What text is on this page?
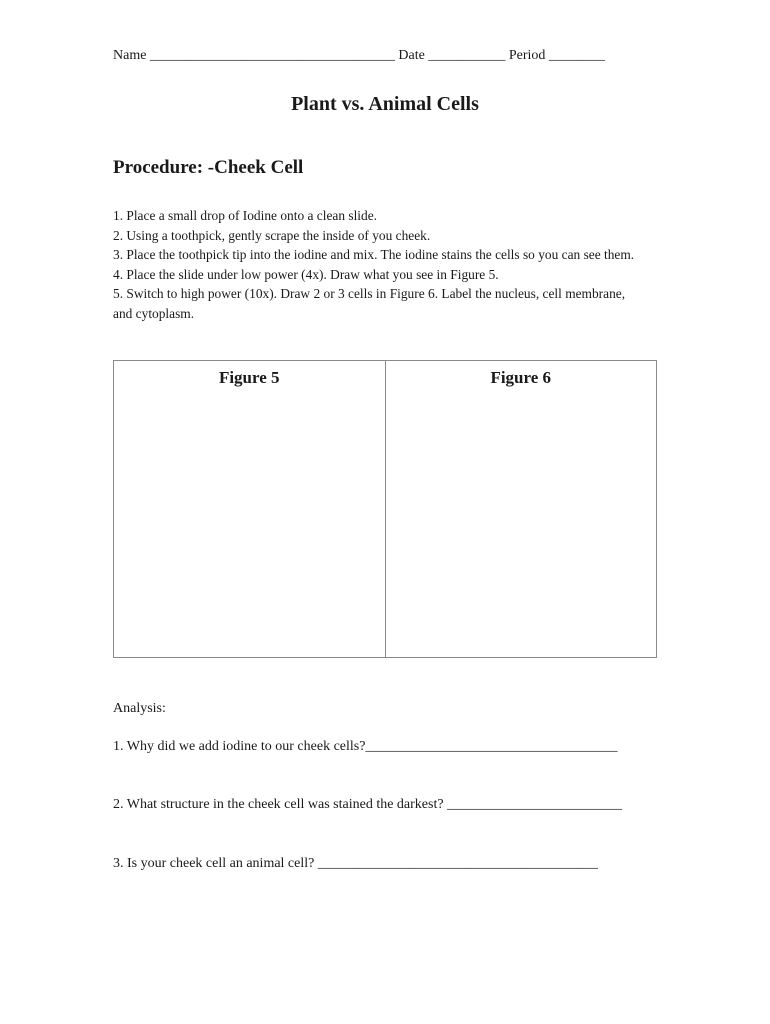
Name ___________________________________ Date ___________ Period ________
Plant vs. Animal Cells
Procedure: -Cheek Cell
1. Place a small drop of Iodine onto a clean slide.
2. Using a toothpick, gently scrape the inside of you cheek.
3. Place the toothpick tip into the iodine and mix. The iodine stains the cells so you can see them.
4. Place the slide under low power (4x). Draw what you see in Figure 5.
5. Switch to high power (10x). Draw 2 or 3 cells in Figure 6. Label the nucleus, cell membrane, and cytoplasm.
Figure 5	Figure 6
Analysis:
1. Why did we add iodine to our cheek cells?____________________________________
2. What structure in the cheek cell was stained the darkest? _________________________
3. Is your cheek cell an animal cell? ________________________________________
